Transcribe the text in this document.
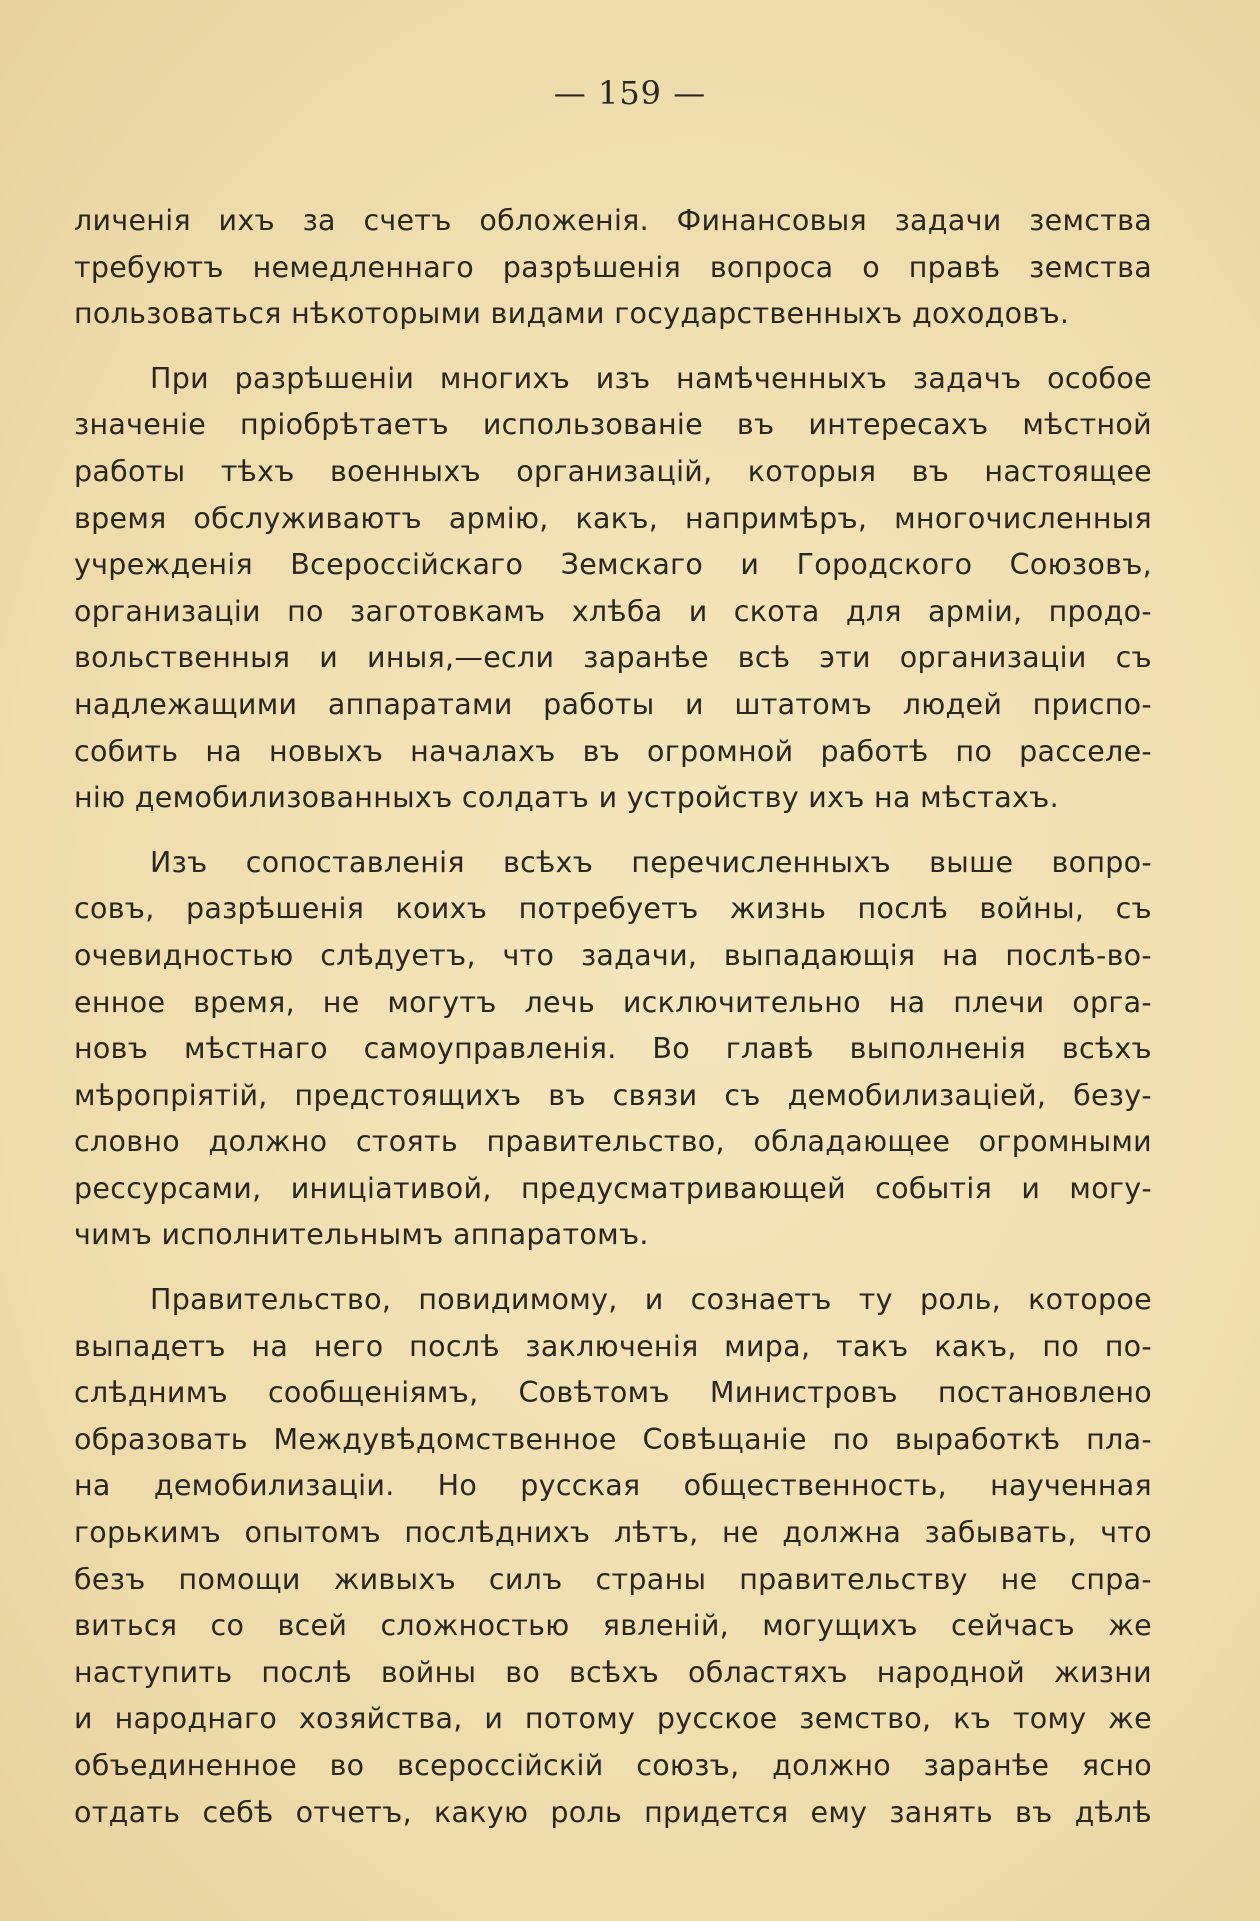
— 159 —
личенія ихъ за счетъ обложенія. Финансовыя задачи земства
требуютъ немедленнаго разрѣшенія вопроса о правѣ земства
пользоваться нѣкоторыми видами государственныхъ доходовъ.
При разрѣшеніи многихъ изъ намѣченныхъ задачъ особое
значеніе пріобрѣтаетъ использованіе въ интересахъ мѣстной
работы тѣхъ военныхъ организацій, которыя въ настоящее
время обслуживаютъ армію, какъ, напримѣръ, многочисленныя
учрежденія Всероссійскаго Земскаго и Городского Союзовъ,
организаціи по заготовкамъ хлѣба и скота для арміи, продо-
вольственныя и иныя,—если заранѣе всѣ эти организаціи съ
надлежащими аппаратами работы и штатомъ людей приспо-
собить на новыхъ началахъ въ огромной работѣ по расселе-
нію демобилизованныхъ солдатъ и устройству ихъ на мѣстахъ.
Изъ сопоставленія всѣхъ перечисленныхъ выше вопро-
совъ, разрѣшенія коихъ потребуетъ жизнь послѣ войны, съ
очевидностью слѣдуетъ, что задачи, выпадающія на послѣ-во-
енное время, не могутъ лечь исключительно на плечи орга-
новъ мѣстнаго самоуправленія. Во главѣ выполненія всѣхъ
мѣропріятій, предстоящихъ въ связи съ демобилизаціей, безу-
словно должно стоять правительство, обладающее огромными
рессурсами, иниціативой, предусматривающей событія и могу-
чимъ исполнительнымъ аппаратомъ.
Правительство, повидимому, и сознаетъ ту роль, которое
выпадетъ на него послѣ заключенія мира, такъ какъ, по по-
слѣднимъ сообщеніямъ, Совѣтомъ Министровъ постановлено
образовать Междувѣдомственное Совѣщаніе по выработкѣ пла-
на демобилизаціи. Но русская общественность, наученная
горькимъ опытомъ послѣднихъ лѣтъ, не должна забывать, что
безъ помощи живыхъ силъ страны правительству не спра-
виться со всей сложностью явленій, могущихъ сейчасъ же
наступить послѣ войны во всѣхъ областяхъ народной жизни
и народнаго хозяйства, и потому русское земство, къ тому же
объединенное во всероссійскій союзъ, должно заранѣе ясно
отдать себѣ отчетъ, какую роль придется ему занять въ дѣлѣ
